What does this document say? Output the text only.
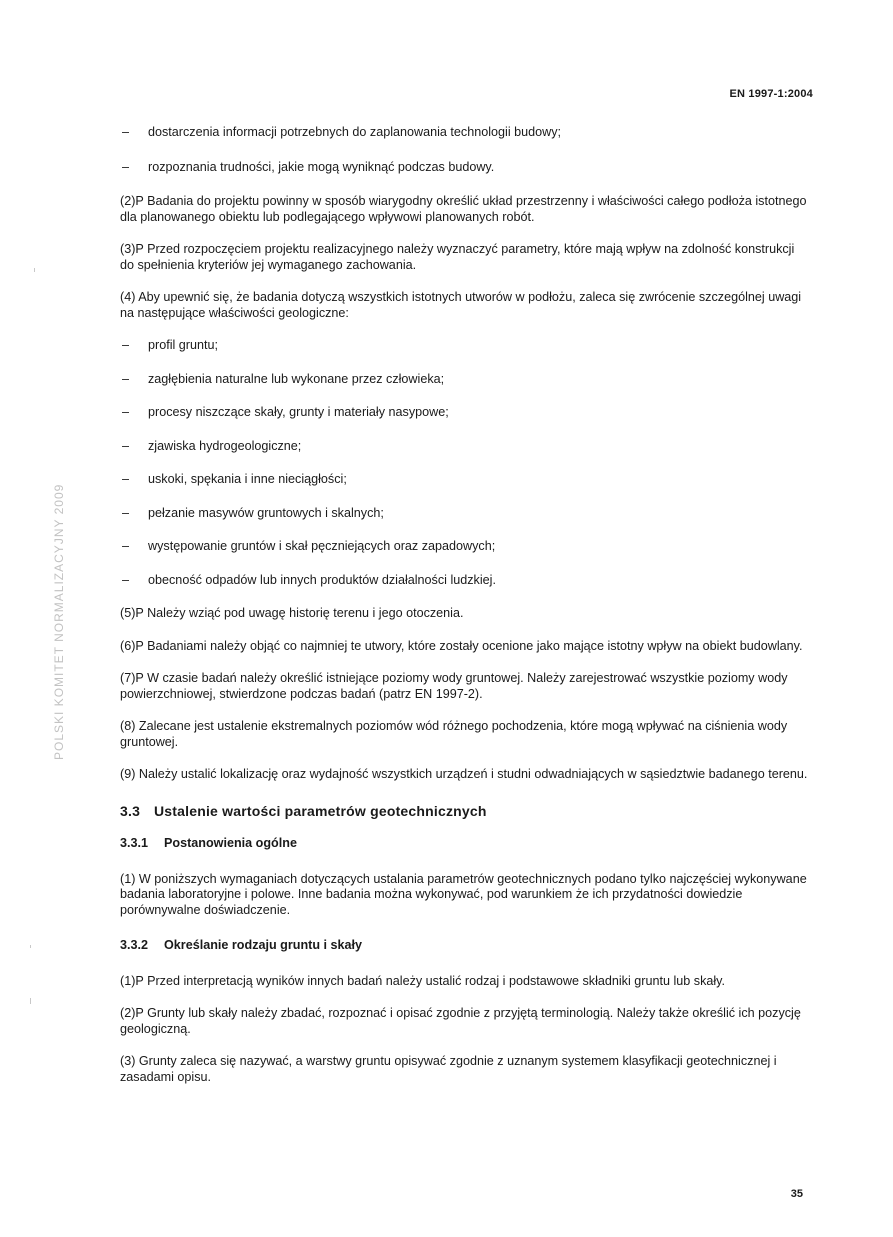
EN 1997-1:2004
POLSKI KOMITET NORMALIZACYJNY 2009
– dostarczenia informacji potrzebnych do zaplanowania technologii budowy;
– rozpoznania trudności, jakie mogą wyniknąć podczas budowy.

(2)P Badania do projektu powinny w sposób wiarygodny określić układ przestrzenny i właściwości całego podłoża istotnego dla planowanego obiektu lub podlegającego wpływowi planowanych robót.

(3)P Przed rozpoczęciem projektu realizacyjnego należy wyznaczyć parametry, które mają wpływ na zdolność konstrukcji do spełnienia kryteriów jej wymaganego zachowania.

(4) Aby upewnić się, że badania dotyczą wszystkich istotnych utworów w podłożu, zaleca się zwrócenie szczególnej uwagi na następujące właściwości geologiczne:

– profil gruntu;
– zagłębienia naturalne lub wykonane przez człowieka;
– procesy niszczące skały, grunty i materiały nasypowe;
– zjawiska hydrogeologiczne;
– uskoki, spękania i inne nieciągłości;
– pełzanie masywów gruntowych i skalnych;
– występowanie gruntów i skał pęczniejących oraz zapadowych;
– obecność odpadów lub innych produktów działalności ludzkiej.

(5)P Należy wziąć pod uwagę historię terenu i jego otoczenia.

(6)P Badaniami należy objąć co najmniej te utwory, które zostały ocenione jako mające istotny wpływ na obiekt budowlany.

(7)P W czasie badań należy określić istniejące poziomy wody gruntowej. Należy zarejestrować wszystkie poziomy wody powierzchniowej, stwierdzone podczas badań (patrz EN 1997-2).

(8) Zalecane jest ustalenie ekstremalnych poziomów wód różnego pochodzenia, które mogą wpływać na ciśnienia wody gruntowej.

(9) Należy ustalić lokalizację oraz wydajność wszystkich urządzeń i studni odwadniających w sąsiedztwie badanego terenu.

3.3 Ustalenie wartości parametrów geotechnicznych
3.3.1 Postanowienia ogólne

(1) W poniższych wymaganiach dotyczących ustalania parametrów geotechnicznych podano tylko najczęściej wykonywane badania laboratoryjne i polowe. Inne badania można wykonywać, pod warunkiem że ich przydatności dowiedzie porównywalne doświadczenie.

3.3.2 Określanie rodzaju gruntu i skały

(1)P Przed interpretacją wyników innych badań należy ustalić rodzaj i podstawowe składniki gruntu lub skały.

(2)P Grunty lub skały należy zbadać, rozpoznać i opisać zgodnie z przyjętą terminologią. Należy także określić ich pozycję geologiczną.

(3) Grunty zaleca się nazywać, a warstwy gruntu opisywać zgodnie z uznanym systemem klasyfikacji geotechnicznej i zasadami opisu.

35
